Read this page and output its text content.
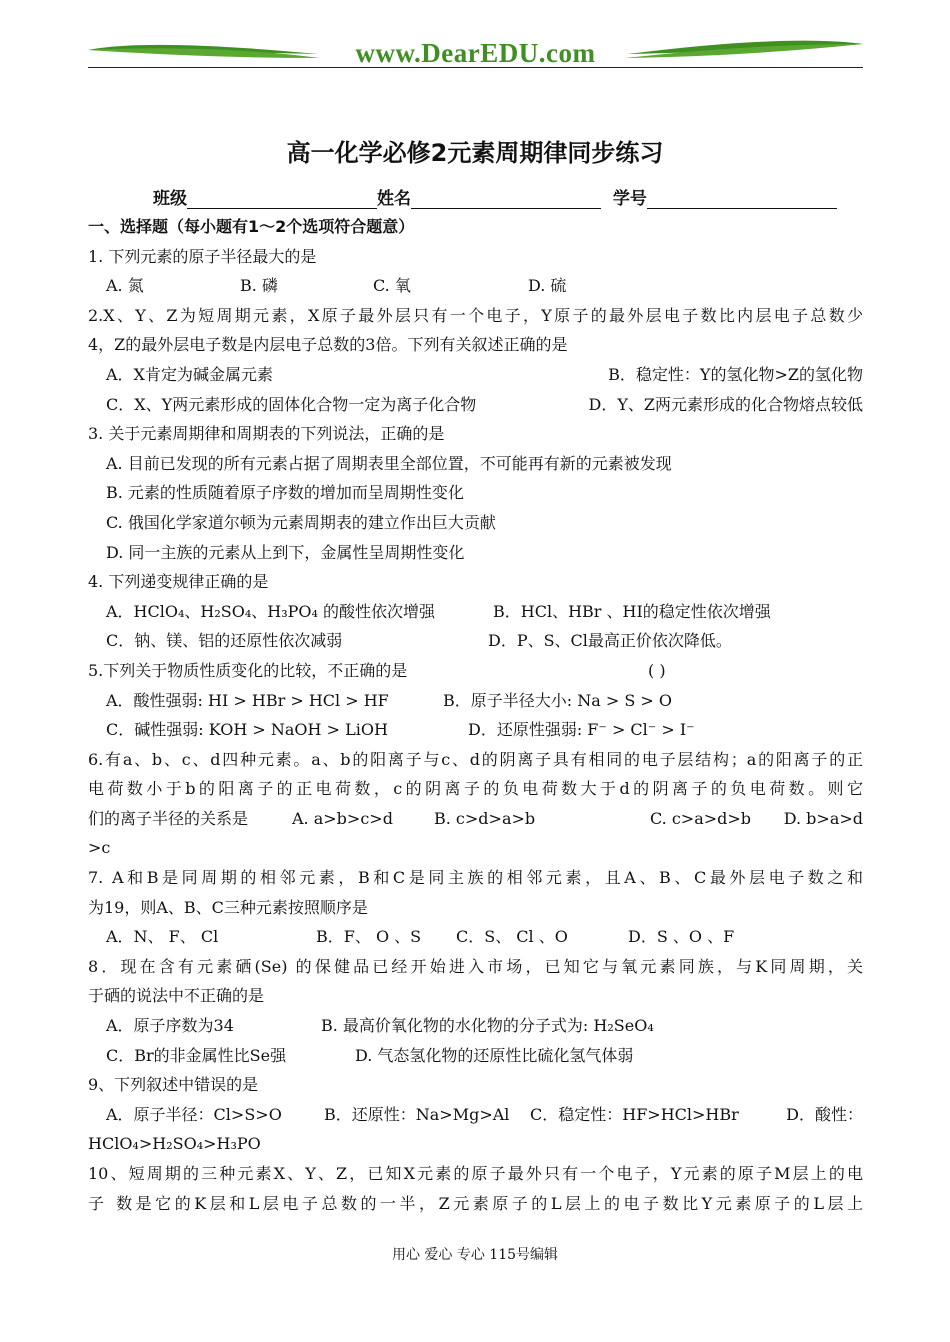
www.DearEDU.com
高一化学必修2元素周期律同步练习
班级	姓名	学号
一、选择题（每小题有1～2个选项符合题意）
1. 下列元素的原子半径最大的是
A. 氮	B. 磷	C. 氧	D. 硫
2.X、Y、Z为短周期元素，X原子最外层只有一个电子，Y原子的最外层电子数比内层电子总数少
4，Z的最外层电子数是内层电子总数的3倍。下列有关叙述正确的是
A．X肯定为碱金属元素	B．稳定性：Y的氢化物>Z的氢化物
C．X、Y两元素形成的固体化合物一定为离子化合物	D．Y、Z两元素形成的化合物熔点较低
3. 关于元素周期律和周期表的下列说法，正确的是
A. 目前已发现的所有元素占据了周期表里全部位置，不可能再有新的元素被发现
B. 元素的性质随着原子序数的增加而呈周期性变化
C. 俄国化学家道尔顿为元素周期表的建立作出巨大贡献
D. 同一主族的元素从上到下，金属性呈周期性变化
4. 下列递变规律正确的是
A．HClO₄、H₂SO₄、H₃PO₄ 的酸性依次增强	B．HCl、HBr 、HI的稳定性依次增强
C．钠、镁、铝的还原性依次减弱	D．P、S、Cl最高正价依次降低。
5.下列关于物质性质变化的比较，不正确的是	( )
A．酸性强弱: HI > HBr > HCl > HF	B．原子半径大小: Na > S > O
C．碱性强弱: KOH > NaOH > LiOH	D．还原性强弱: F⁻ > Cl⁻ > I⁻
6.有a、b、c、d四种元素。a、b的阳离子与c、d的阴离子具有相同的电子层结构；a的阳离子的正
电荷数小于b的阳离子的正电荷数，c的阴离子的负电荷数大于d的阴离子的负电荷数。则它
们的离子半径的关系是	A. a>b>c>d	B. c>d>a>b	C. c>a>d>b D. b>a>d
>c
7. A和B是同周期的相邻元素，B和C是同主族的相邻元素，且A、B、C最外层电子数之和
为19，则A、B、C三种元素按照顺序是
A．N、 F、 Cl	B．F、 O 、S C．S、 Cl 、O	D．S 、O 、F
8．现在含有元素硒(Se) 的保健品已经开始进入市场，已知它与氧元素同族，与K同周期，关
于硒的说法中不正确的是
A．原子序数为34	B. 最高价氧化物的水化物的分子式为: H₂SeO₄
C．Br的非金属性比Se强	D. 气态氢化物的还原性比硫化氢气体弱
9、下列叙述中错误的是
A．原子半径：Cl>S>O	B．还原性：Na>Mg>Al C．稳定性：HF>HCl>HBr	D．酸性：
HClO₄>H₂SO₄>H₃PO
10、短周期的三种元素X、Y、Z，已知X元素的原子最外只有一个电子，Y元素的原子M层上的电
子 数是它的K层和L层电子总数的一半，Z元素原子的L层上的电子数比Y元素原子的L层上
用心 爱心 专心 115号编辑
